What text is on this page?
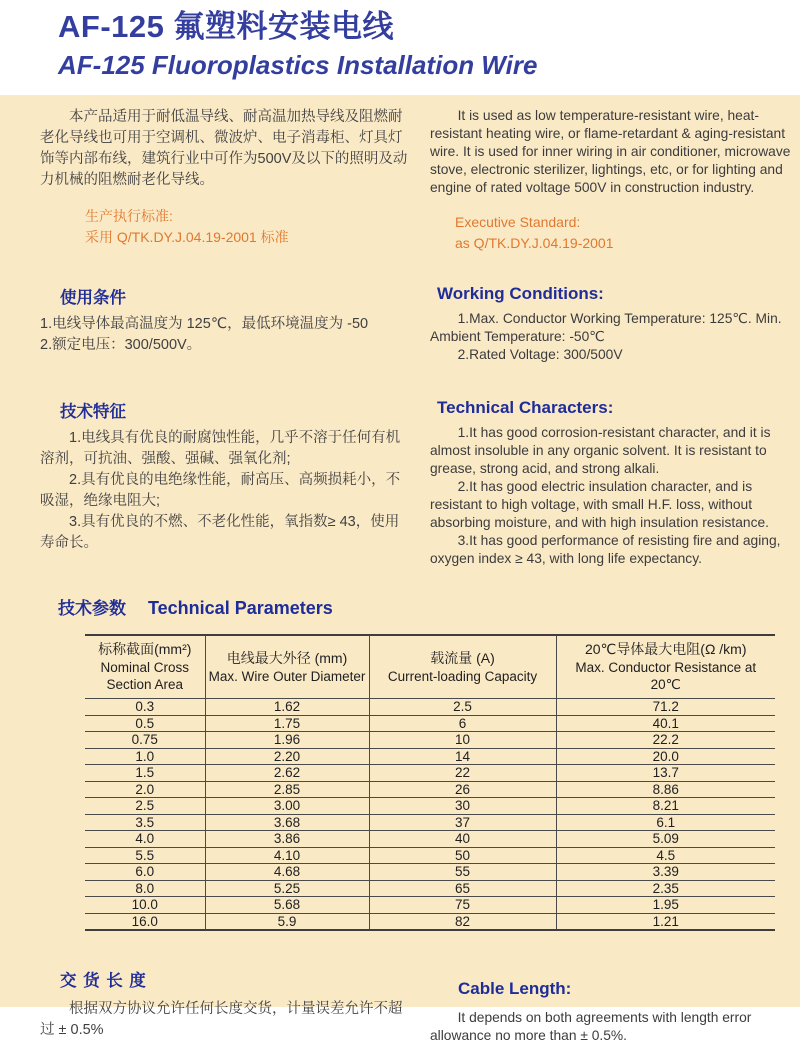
AF-125 氟塑料安装电线
AF-125 Fluoroplastics Installation Wire

本产品适用于耐低温导线、耐高温加热导线及阻燃耐老化导线也可用于空调机、微波炉、电子消毒柜、灯具灯饰等内部布线，建筑行业中可作为500V及以下的照明及动力机械的阻燃耐老化导线。

生产执行标准:
采用 Q/TK.DY.J.04.19-2001 标准

It is used as low temperature-resistant wire, heat-resistant heating wire, or flame-retardant & aging-resistant wire. It is used for inner wiring in air conditioner, microwave stove, electronic sterilizer, lightings, etc, or for lighting and engine of rated voltage 500V in construction industry.

Executive Standard:
as Q/TK.DY.J.04.19-2001
使用条件

1.电线导体最高温度为 125℃，最低环境温度为 -50

2.额定电压：300/500V。

Working Conditions:

1.Max. Conductor Working Temperature: 125℃. Min. Ambient Temperature: -50℃

2.Rated Voltage: 300/500V

技术特征

1.电线具有优良的耐腐蚀性能，几乎不溶于任何有机溶剂，可抗油、强酸、强碱、强氧化剂;

2.具有优良的电绝缘性能，耐高压、高频损耗小，不吸湿，绝缘电阻大;

3.具有优良的不燃、不老化性能，氧指数≥ 43，使用寿命长。

Technical Characters:

1.It has good corrosion-resistant character, and it is almost insoluble in any organic solvent. It is resistant to grease, strong acid, and strong alkali.

2.It has good electric insulation character, and is resistant to high voltage, with small H.F. loss, without absorbing moisture, and with high insulation resistance.

3.It has good performance of resisting fire and aging, oxygen index ≥ 43, with long life expectancy.

技术参数 Technical Parameters
标称截面(mm²)
Nominal Cross Section Area

电线最大外径 (mm)
Max. Wire Outer Diameter

载流量 (A)
Current-loading Capacity

20℃导体最大电阻(Ω /km)
Max. Conductor Resistance at 20℃

0.3	1.62	2.5	71.2
0.5	1.75	6	40.1
0.75	1.96	10	22.2
1.0	2.20	14	20.0
1.5	2.62	22	13.7
2.0	2.85	26	8.86
2.5	3.00	30	8.21
3.5	3.68	37	6.1
4.0	3.86	40	5.09
5.5	4.10	50	4.5
6.0	4.68	55	3.39
8.0	5.25	65	2.35
10.0	5.68	75	1.95
16.0	5.9	82	1.21
交货长度

根据双方协议允许任何长度交货，计量误差允许不超过 ± 0.5%

Cable Length:

It depends on both agreements with length error allowance no more than ± 0.5%.
